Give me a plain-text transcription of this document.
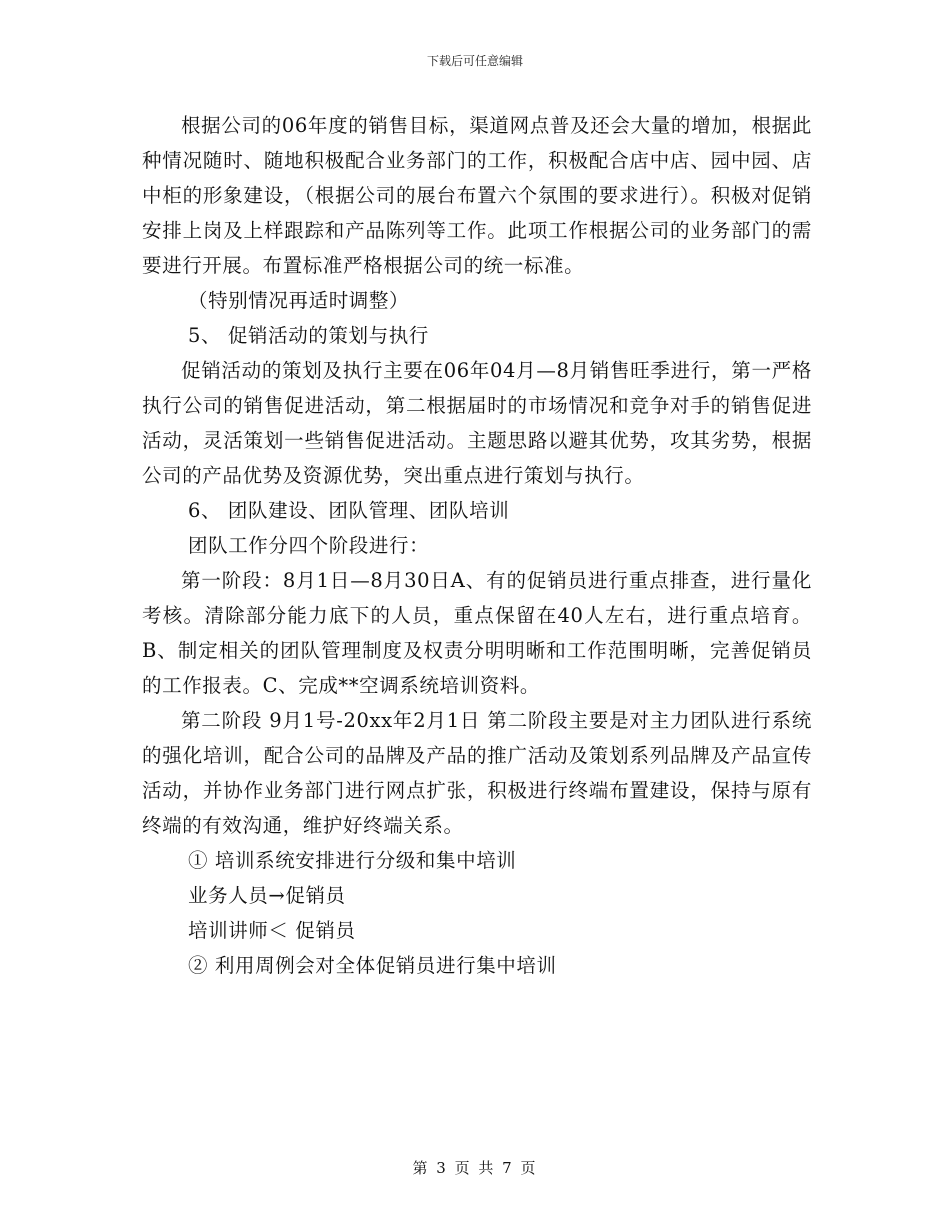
下载后可任意编辑

根据公司的06年度的销售目标，渠道网点普及还会大量的增加，根据此种情况随时、随地积极配合业务部门的工作，积极配合店中店、园中园、店中柜的形象建设，（根据公司的展台布置六个氛围的要求进行）。积极对促销安排上岗及上样跟踪和产品陈列等工作。此项工作根据公司的业务部门的需要进行开展。布置标准严格根据公司的统一标准。

（特别情况再适时调整）

5、 促销活动的策划与执行

促销活动的策划及执行主要在06年04月—8月销售旺季进行，第一严格执行公司的销售促进活动，第二根据届时的市场情况和竞争对手的销售促进活动，灵活策划一些销售促进活动。主题思路以避其优势，攻其劣势，根据公司的产品优势及资源优势，突出重点进行策划与执行。

6、 团队建设、团队管理、团队培训

团队工作分四个阶段进行：

第一阶段：8月1日—8月30日A、有的促销员进行重点排查，进行量化考核。清除部分能力底下的人员，重点保留在40人左右，进行重点培育。B、制定相关的团队管理制度及权责分明明晰和工作范围明晰，完善促销员的工作报表。C、完成**空调系统培训资料。

第二阶段 9月1号-20xx年2月1日 第二阶段主要是对主力团队进行系统的强化培训，配合公司的品牌及产品的推广活动及策划系列品牌及产品宣传活动，并协作业务部门进行网点扩张，积极进行终端布置建设，保持与原有终端的有效沟通，维护好终端关系。

① 培训系统安排进行分级和集中培训

业务人员→促销员

培训讲师＜ 促销员

② 利用周例会对全体促销员进行集中培训

第 3 页 共 7 页
